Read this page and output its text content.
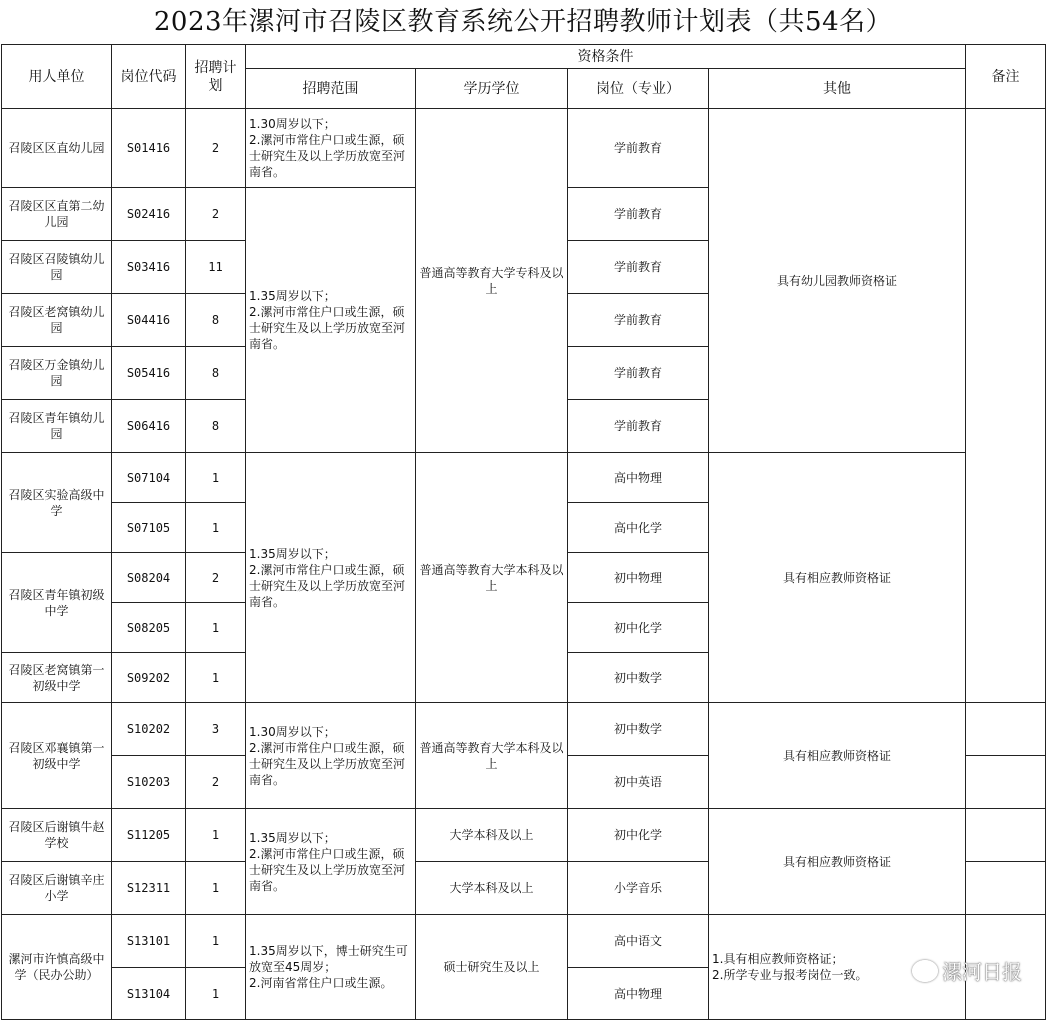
2023年漯河市召陵区教育系统公开招聘教师计划表（共54名）
用人单位	岗位代码	招聘计划	资格条件				备注
			招聘范围	学历学位	岗位（专业）	其他	
召陵区区直幼儿园	S01416	2	1.30周岁以下；
2.漯河市常住户口或生源，硕士研究生及以上学历放宽至河南省。	普通高等教育大学专科及以上	学前教育	具有幼儿园教师资格证	
召陵区区直第二幼儿园	S02416	2	1.35周岁以下；
2.漯河市常住户口或生源，硕士研究生及以上学历放宽至河南省。		学前教育		
召陵区召陵镇幼儿园	S03416	11			学前教育		
召陵区老窝镇幼儿园	S04416	8			学前教育		
召陵区万金镇幼儿园	S05416	8			学前教育		
召陵区青年镇幼儿园	S06416	8			学前教育		
召陵区实验高级中学	S07104	1	1.35周岁以下；
2.漯河市常住户口或生源，硕士研究生及以上学历放宽至河南省。	普通高等教育大学本科及以上	高中物理	具有相应教师资格证	
	S07105	1			高中化学		
召陵区青年镇初级中学	S08204	2			初中物理		
	S08205	1			初中化学		
召陵区老窝镇第一初级中学	S09202	1			初中数学		
召陵区邓襄镇第一初级中学	S10202	3	1.30周岁以下；
2.漯河市常住户口或生源，硕士研究生及以上学历放宽至河南省。	普通高等教育大学本科及以上	初中数学	具有相应教师资格证	
	S10203	2			初中英语		
召陵区后谢镇牛赵学校	S11205	1	1.35周岁以下；
2.漯河市常住户口或生源，硕士研究生及以上学历放宽至河南省。	大学本科及以上	初中化学	具有相应教师资格证	
召陵区后谢镇辛庄小学	S12311	1		大学本科及以上	小学音乐		
漯河市许慎高级中学（民办公助）	S13101	1	1.35周岁以下，博士研究生可放宽至45周岁；
2.河南省常住户口或生源。	硕士研究生及以上	高中语文	1.具有相应教师资格证；
2.所学专业与报考岗位一致。	
	S13104	1			高中物理		
漯河日报
